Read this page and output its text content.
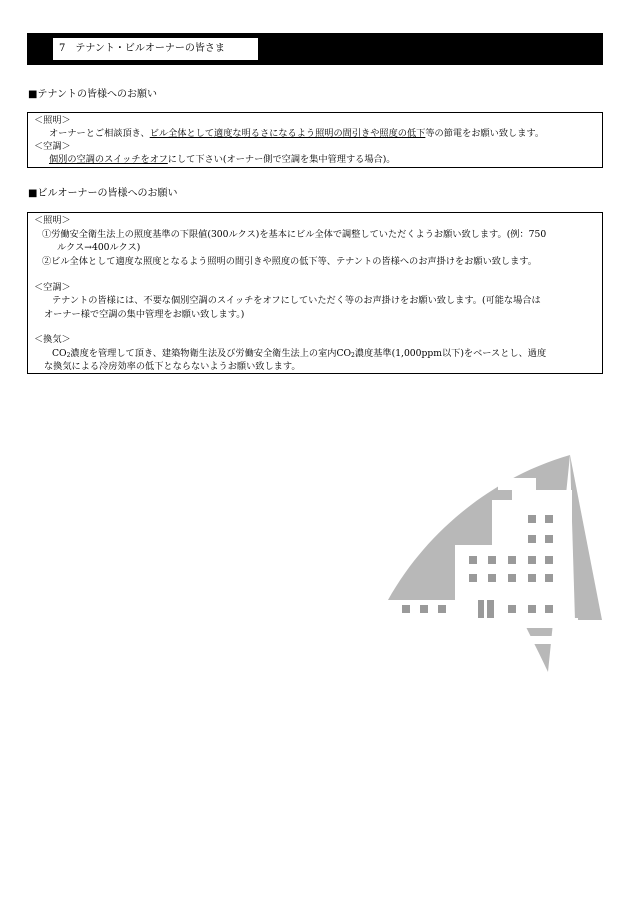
7　テナント・ビルオーナーの皆さま
■テナントの皆様へのお願い
＜照明＞
オーナーとご相談頂き、ビル全体として適度な明るさになるよう照明の間引きや照度の低下等の節電をお願い致します。
＜空調＞
個別の空調のスイッチをオフにして下さい(オーナー側で空調を集中管理する場合)。
■ビルオーナーの皆様へのお願い
＜照明＞
①労働安全衛生法上の照度基準の下限値(300ルクス)を基本にビル全体で調整していただくようお願い致します。(例：750
ルクス→400ルクス)
②ビル全体として適度な照度となるよう照明の間引きや照度の低下等、テナントの皆様へのお声掛けをお願い致します。
＜空調＞
テナントの皆様には、不要な個別空調のスイッチをオフにしていただく等のお声掛けをお願い致します。(可能な場合は
オーナー様で空調の集中管理をお願い致します。)
＜換気＞
$CO_2$濃度を管理して頂き、建築物衛生法及び労働安全衛生法上の室内$CO_2$濃度基準(1,000ppm以下)をベースとし、過度
な換気による冷房効率の低下とならないようお願い致します。
